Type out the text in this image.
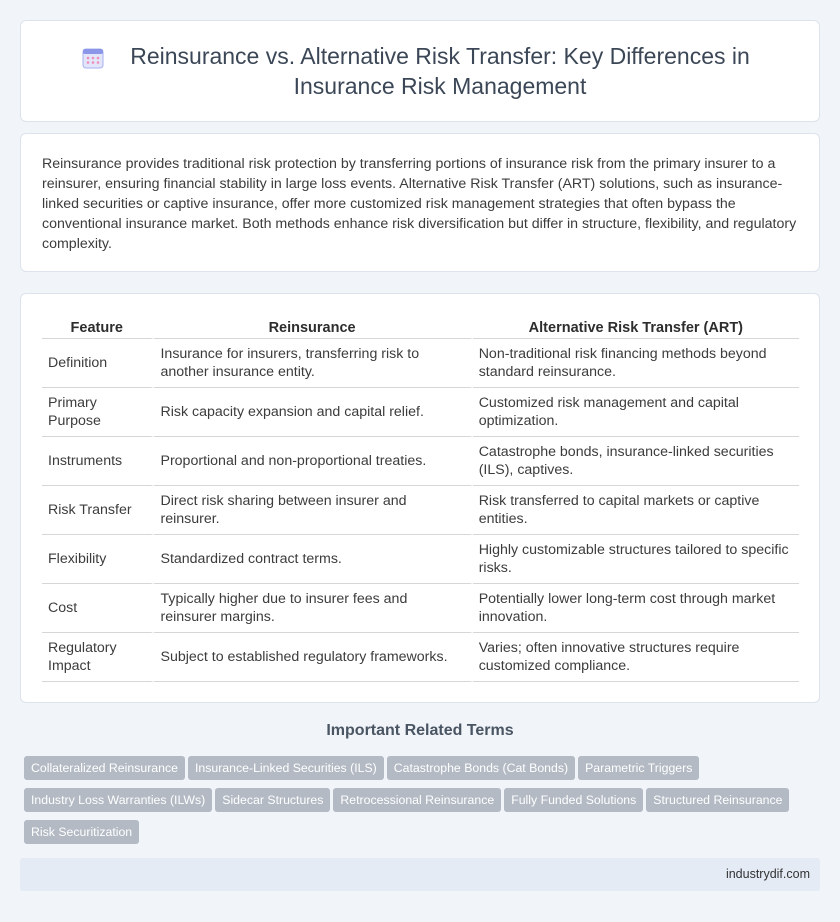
Reinsurance vs. Alternative Risk Transfer: Key Differences in Insurance Risk Management

Reinsurance provides traditional risk protection by transferring portions of insurance risk from the primary insurer to a reinsurer, ensuring financial stability in large loss events. Alternative Risk Transfer (ART) solutions, such as insurance-linked securities or captive insurance, offer more customized risk management strategies that often bypass the conventional insurance market. Both methods enhance risk diversification but differ in structure, flexibility, and regulatory complexity.

Feature	Reinsurance	Alternative Risk Transfer (ART)
Definition	Insurance for insurers, transferring risk to another insurance entity.	Non-traditional risk financing methods beyond standard reinsurance.
Primary Purpose	Risk capacity expansion and capital relief.	Customized risk management and capital optimization.
Instruments	Proportional and non-proportional treaties.	Catastrophe bonds, insurance-linked securities (ILS), captives.
Risk Transfer	Direct risk sharing between insurer and reinsurer.	Risk transferred to capital markets or captive entities.
Flexibility	Standardized contract terms.	Highly customizable structures tailored to specific risks.
Cost	Typically higher due to insurer fees and reinsurer margins.	Potentially lower long-term cost through market innovation.
Regulatory Impact	Subject to established regulatory frameworks.	Varies; often innovative structures require customized compliance.
Important Related Terms
Collateralized Reinsurance Insurance-Linked Securities (ILS) Catastrophe Bonds (Cat Bonds) Parametric Triggers
Industry Loss Warranties (ILWs) Sidecar Structures Retrocessional Reinsurance Fully Funded Solutions Structured Reinsurance
Risk Securitization
industrydif.com
